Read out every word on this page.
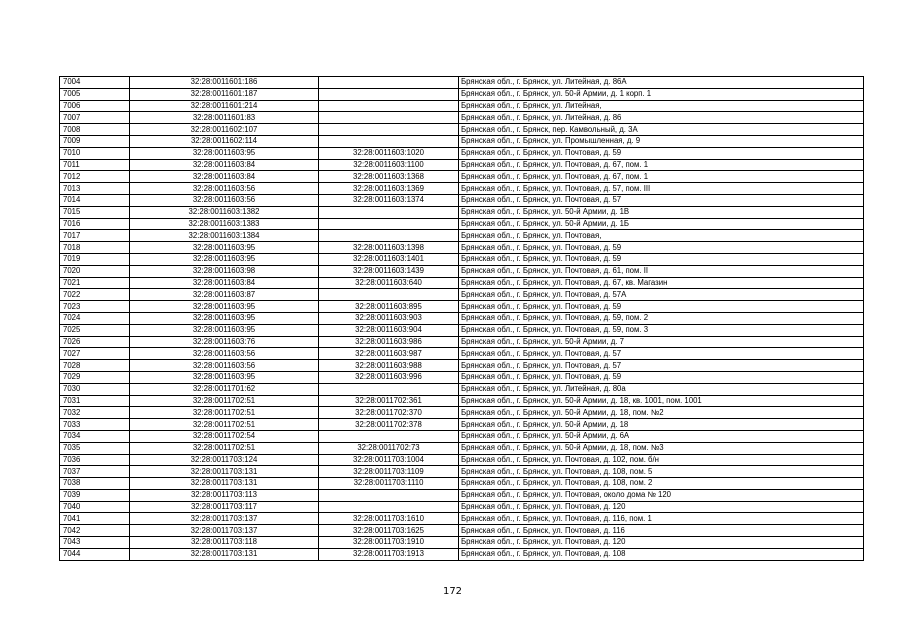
7004	32:28:0011601:186		Брянская обл., г. Брянск, ул. Литейная, д. 86А
7005	32:28:0011601:187		Брянская обл., г. Брянск, ул. 50-й Армии, д. 1 корп. 1
7006	32:28:0011601:214		Брянская обл., г. Брянск, ул. Литейная,
7007	32:28:0011601:83		Брянская обл., г. Брянск, ул. Литейная, д. 86
7008	32:28:0011602:107		Брянская обл., г. Брянск, пер. Камвольный, д. 3А
7009	32:28:0011602:114		Брянская обл., г. Брянск, ул. Промышленная, д. 9
7010	32:28:0011603:95	32:28:0011603:1020	Брянская обл., г. Брянск, ул. Почтовая, д. 59
7011	32:28:0011603:84	32:28:0011603:1100	Брянская обл., г. Брянск, ул. Почтовая, д. 67, пом. 1
7012	32:28:0011603:84	32:28:0011603:1368	Брянская обл., г. Брянск, ул. Почтовая, д. 67, пом. 1
7013	32:28:0011603:56	32:28:0011603:1369	Брянская обл., г. Брянск, ул. Почтовая, д. 57, пом. III
7014	32:28:0011603:56	32:28:0011603:1374	Брянская обл., г. Брянск, ул. Почтовая, д. 57
7015	32:28:0011603:1382		Брянская обл., г. Брянск, ул. 50-й Армии, д. 1В
7016	32:28:0011603:1383		Брянская обл., г. Брянск, ул. 50-й Армии, д. 1Б
7017	32:28:0011603:1384		Брянская обл., г. Брянск, ул. Почтовая,
7018	32:28:0011603:95	32:28:0011603:1398	Брянская обл., г. Брянск, ул. Почтовая, д. 59
7019	32:28:0011603:95	32:28:0011603:1401	Брянская обл., г. Брянск, ул. Почтовая, д. 59
7020	32:28:0011603:98	32:28:0011603:1439	Брянская обл., г. Брянск, ул. Почтовая, д. 61, пом. II
7021	32:28:0011603:84	32:28:0011603:640	Брянская обл., г. Брянск, ул. Почтовая, д. 67, кв. Магазин
7022	32:28:0011603:87		Брянская обл., г. Брянск, ул. Почтовая, д. 57А
7023	32:28:0011603:95	32:28:0011603:895	Брянская обл., г. Брянск, ул. Почтовая, д. 59
7024	32:28:0011603:95	32:28:0011603:903	Брянская обл., г. Брянск, ул. Почтовая, д. 59, пом. 2
7025	32:28:0011603:95	32:28:0011603:904	Брянская обл., г. Брянск, ул. Почтовая, д. 59, пом. 3
7026	32:28:0011603:76	32:28:0011603:986	Брянская обл., г. Брянск, ул. 50-й Армии, д. 7
7027	32:28:0011603:56	32:28:0011603:987	Брянская обл., г. Брянск, ул. Почтовая, д. 57
7028	32:28:0011603:56	32:28:0011603:988	Брянская обл., г. Брянск, ул. Почтовая, д. 57
7029	32:28:0011603:95	32:28:0011603:996	Брянская обл., г. Брянск, ул. Почтовая, д. 59
7030	32:28:0011701:62		Брянская обл., г. Брянск, ул. Литейная, д. 80а
7031	32:28:0011702:51	32:28:0011702:361	Брянская обл., г. Брянск, ул. 50-й Армии, д. 18, кв. 1001, пом. 1001
7032	32:28:0011702:51	32:28:0011702:370	Брянская обл., г. Брянск, ул. 50-й Армии, д. 18, пом. №2
7033	32:28:0011702:51	32:28:0011702:378	Брянская обл., г. Брянск, ул. 50-й Армии, д. 18
7034	32:28:0011702:54		Брянская обл., г. Брянск, ул. 50-й Армии, д. 6А
7035	32:28:0011702:51	32:28:0011702:73	Брянская обл., г. Брянск, ул. 50-й Армии, д. 18, пом. №3
7036	32:28:0011703:124	32:28:0011703:1004	Брянская обл., г. Брянск, ул. Почтовая, д. 102, пом. б/н
7037	32:28:0011703:131	32:28:0011703:1109	Брянская обл., г. Брянск, ул. Почтовая, д. 108, пом. 5
7038	32:28:0011703:131	32:28:0011703:1110	Брянская обл., г. Брянск, ул. Почтовая, д. 108, пом. 2
7039	32:28:0011703:113		Брянская обл., г. Брянск, ул. Почтовая, около дома № 120
7040	32:28:0011703:117		Брянская обл., г. Брянск, ул. Почтовая, д. 120
7041	32:28:0011703:137	32:28:0011703:1610	Брянская обл., г. Брянск, ул. Почтовая, д. 116, пом. 1
7042	32:28:0011703:137	32:28:0011703:1625	Брянская обл., г. Брянск, ул. Почтовая, д. 116
7043	32:28:0011703:118	32:28:0011703:1910	Брянская обл., г. Брянск, ул. Почтовая, д. 120
7044	32:28:0011703:131	32:28:0011703:1913	Брянская обл., г. Брянск, ул. Почтовая, д. 108
172
